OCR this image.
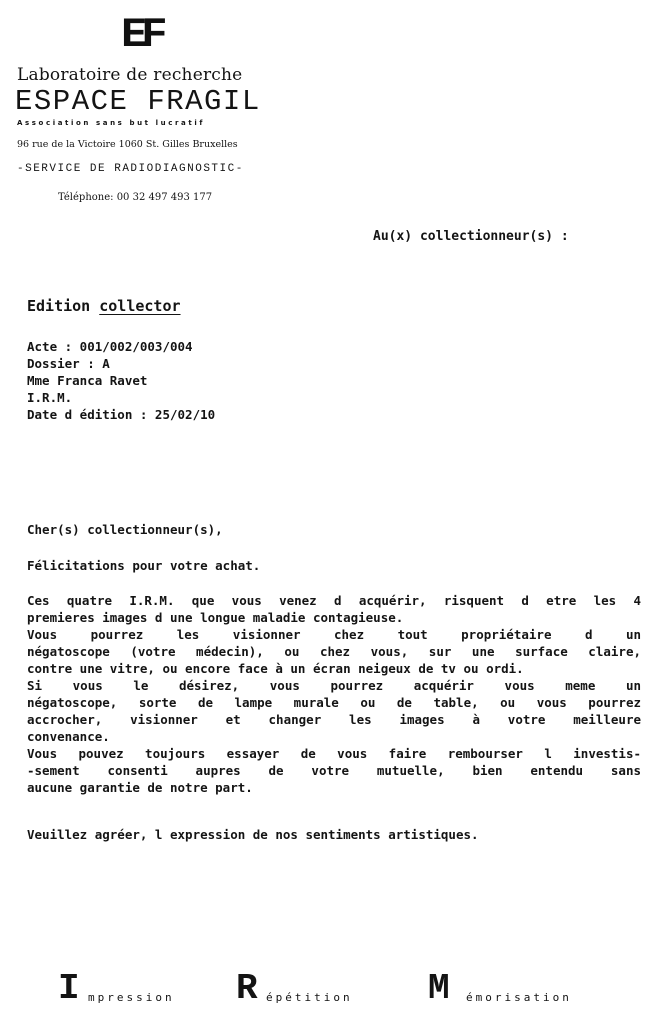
EF
Laboratoire de recherche
ESPACE FRAGIL
Association sans but lucratif
96 rue de la Victoire 1060 St. Gilles Bruxelles
-SERVICE DE RADIODIAGNOSTIC-
Téléphone: 00 32 497 493 177
Au(x) collectionneur(s) :
Edition collector
Acte : 001/002/003/004
Dossier : A
Mme Franca Ravet
I.R.M.
Date d édition : 25/02/10
Cher(s) collectionneur(s),
Félicitations pour votre achat.
Ces quatre I.R.M. que vous venez d acquérir, risquent d etre les 4
premieres images d une longue maladie contagieuse.
Vous pourrez les visionner chez tout propriétaire d un
négatoscope (votre médecin), ou chez vous, sur une surface claire,
contre une vitre, ou encore face à un écran neigeux de tv ou ordi.
Si vous le désirez, vous pourrez acquérir vous meme un
négatoscope, sorte de lampe murale ou de table, ou vous pourrez
accrocher, visionner et changer les images à votre meilleure
convenance.
Vous pouvez toujours essayer de vous faire rembourser l investis-
-sement consenti aupres de votre mutuelle, bien entendu sans
aucune garantie de notre part.
Veuillez agréer, l expression de nos sentiments artistiques.
I mpression R épétition M émorisation
